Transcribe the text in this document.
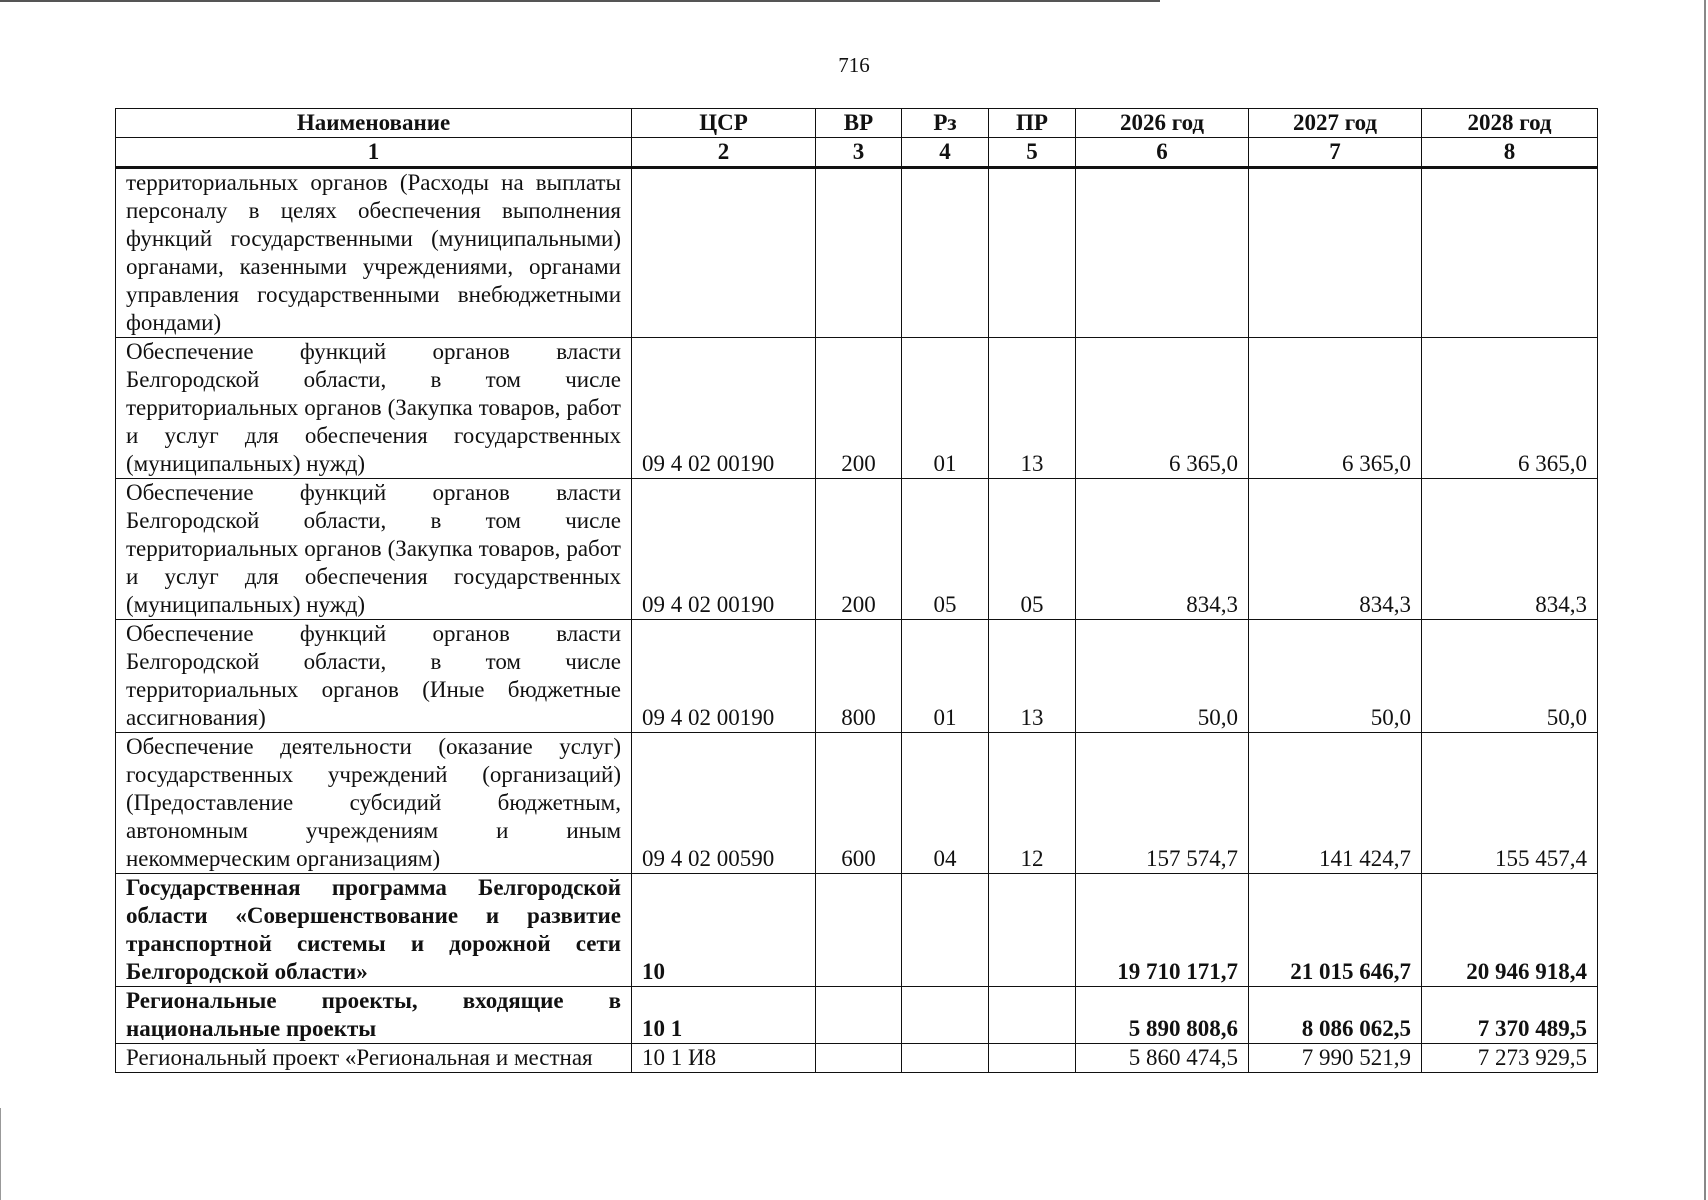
716
Наименование	ЦСР	ВР	Рз	ПР	2026 год	2027 год	2028 год
1	2	3	4	5	6	7	8
территориальных органов (Расходы на выплаты персоналу в целях обеспечения выполнения функций государственными (муниципальными) органами, казенными учреждениями, органами управления государственными внебюджетными фондами)							
Обеспечение функций органов власти Белгородской области, в том числе территориальных органов (Закупка товаров, работ и услуг для обеспечения государственных (муниципальных) нужд)	09 4 02 00190	200	01	13	6 365,0	6 365,0	6 365,0
Обеспечение функций органов власти Белгородской области, в том числе территориальных органов (Закупка товаров, работ и услуг для обеспечения государственных (муниципальных) нужд)	09 4 02 00190	200	05	05	834,3	834,3	834,3
Обеспечение функций органов власти Белгородской области, в том числе территориальных органов (Иные бюджетные ассигнования)	09 4 02 00190	800	01	13	50,0	50,0	50,0
Обеспечение деятельности (оказание услуг) государственных учреждений (организаций) (Предоставление субсидий бюджетным, автономным учреждениям и иным некоммерческим организациям)	09 4 02 00590	600	04	12	157 574,7	141 424,7	155 457,4
Государственная программа Белгородской области «Совершенствование и развитие транспортной системы и дорожной сети Белгородской области»	10				19 710 171,7	21 015 646,7	20 946 918,4
Региональные проекты, входящие в национальные проекты	10 1				5 890 808,6	8 086 062,5	7 370 489,5
Региональный проект «Региональная и местная	10 1 И8				5 860 474,5	7 990 521,9	7 273 929,5
